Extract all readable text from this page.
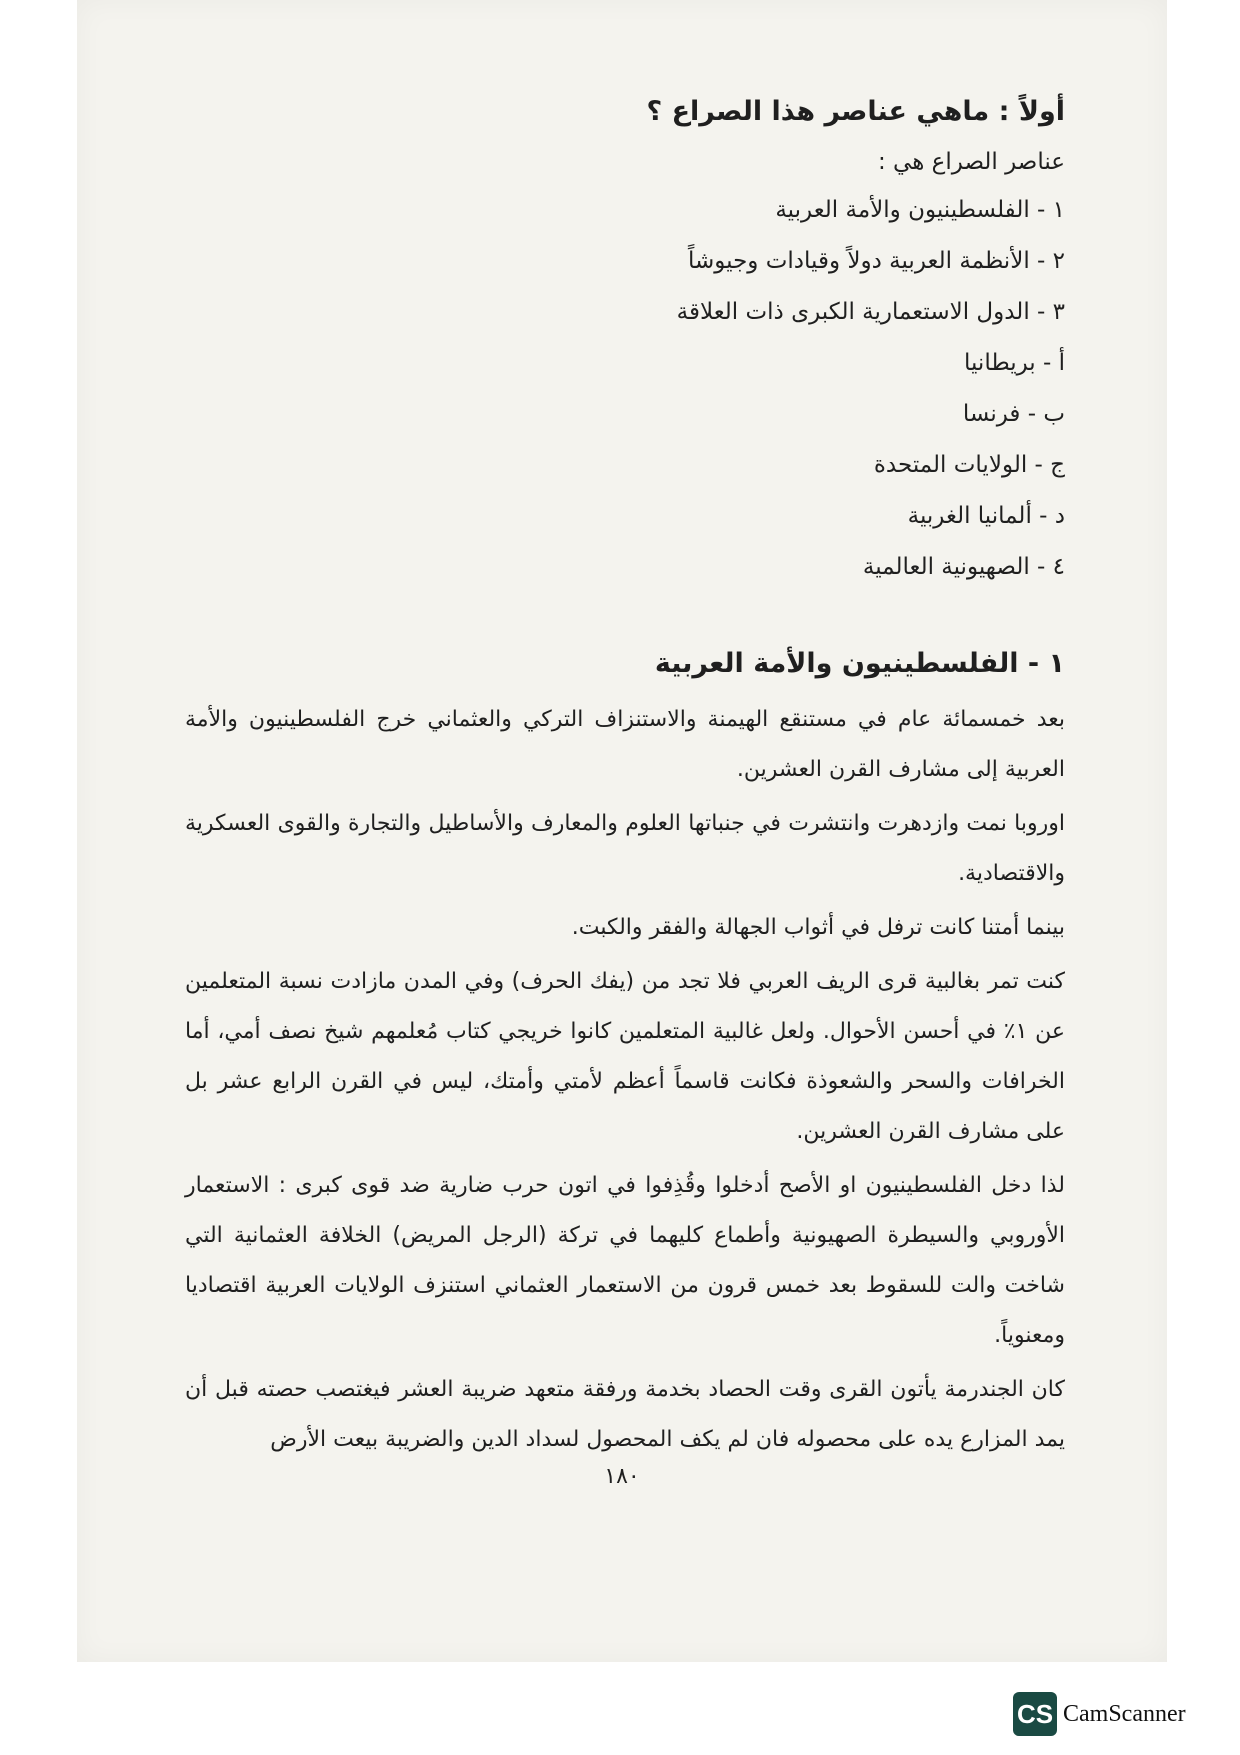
أولاً : ماهي عناصر هذا الصراع ؟
عناصر الصراع هي :
١ - الفلسطينيون والأمة العربية
٢ - الأنظمة العربية دولاً وقيادات وجيوشاً
٣ - الدول الاستعمارية الكبرى ذات العلاقة
أ - بريطانيا
ب - فرنسا
ج - الولايات المتحدة
د - ألمانيا الغربية
٤ - الصهيونية العالمية
١ - الفلسطينيون والأمة العربية

بعد خمسمائة عام في مستنقع الهيمنة والاستنزاف التركي والعثماني خرج الفلسطينيون والأمة العربية إلى مشارف القرن العشرين.

اوروبا نمت وازدهرت وانتشرت في جنباتها العلوم والمعارف والأساطيل والتجارة والقوى العسكرية والاقتصادية.

بينما أمتنا كانت ترفل في أثواب الجهالة والفقر والكبت.

كنت تمر بغالبية قرى الريف العربي فلا تجد من (يفك الحرف) وفي المدن مازادت نسبة المتعلمين عن ١٪ في أحسن الأحوال. ولعل غالبية المتعلمين كانوا خريجي كتاب مُعلمهم شيخ نصف أمي، أما الخرافات والسحر والشعوذة فكانت قاسماً أعظم لأمتي وأمتك، ليس في القرن الرابع عشر بل على مشارف القرن العشرين.

لذا دخل الفلسطينيون او الأصح أدخلوا وقُذِفوا في اتون حرب ضارية ضد قوى كبرى : الاستعمار الأوروبي والسيطرة الصهيونية وأطماع كليهما في تركة (الرجل المريض) الخلافة العثمانية التي شاخت والت للسقوط بعد خمس قرون من الاستعمار العثماني استنزف الولايات العربية اقتصاديا ومعنوياً.

كان الجندرمة يأتون القرى وقت الحصاد بخدمة ورفقة متعهد ضريبة العشر فيغتصب حصته قبل أن يمد المزارع يده على محصوله فان لم يكف المحصول لسداد الدين والضريبة بيعت الأرض

١٨٠
CS CamScanner
